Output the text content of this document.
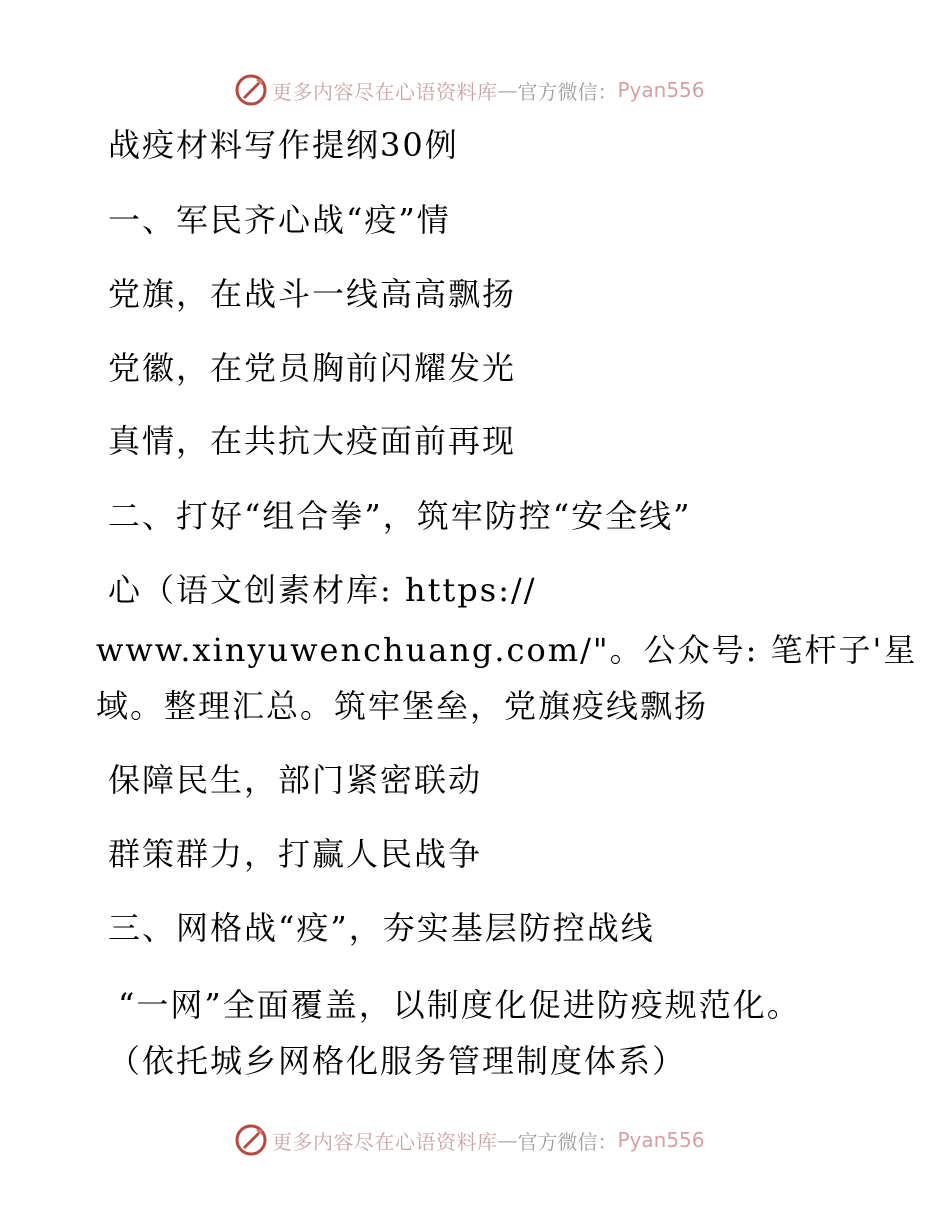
更多内容尽在心语资料库 — 官方微信： Pyan556
战疫材料写作提纲30例

一、军民齐心战“疫”情

党旗，在战斗一线高高飘扬

党徽，在党员胸前闪耀发光

真情，在共抗大疫面前再现

二、打好“组合拳”，筑牢防控“安全线”

心（语文创素材库: https://

www.xinyuwenchuang.com/"。公众号: 笔杆子'星

域。整理汇总。筑牢堡垒，党旗疫线飘扬

保障民生，部门紧密联动

群策群力，打赢人民战争

三、网格战“疫”，夯实基层防控战线

“一网”全面覆盖，以制度化促进防疫规范化。

（依托城乡网格化服务管理制度体系）

更多内容尽在心语资料库 — 官方微信： Pyan556
